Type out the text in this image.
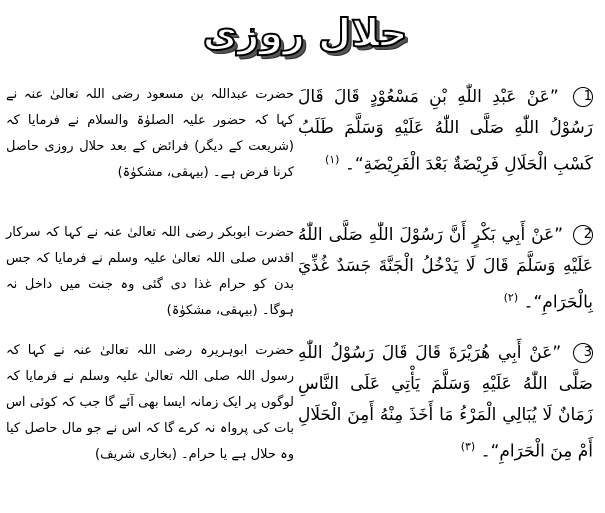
حلال روزی
1 ”عَنْ عَبْدِ اللّٰهِ بْنِ مَسْعُوْدٍ قَالَ قَالَ رَسُوْلُ اللّٰهِ صَلَّى اللّٰهُ عَلَيْهِ وَسَلَّمَ طَلَبُ كَسْبِ الْحَلَالِ فَرِيْضَةٌ بَعْدَ الْفَرِيْضَةِ“۔ $^{(۱)}$
حضرت عبداللہ بن مسعود رضی اللہ تعالیٰ عنہ نے کہا کہ حضور علیہ الصلوٰۃ والسلام نے فرمایا کہ (شریعت کے دیگر) فرائض کے بعد حلال روزی حاصل کرنا فرض ہے۔ (بیہقی، مشکوٰۃ)
2 ”عَنْ أَبِي بَكْرٍ أَنَّ رَسُوْلَ اللّٰهِ صَلَّى اللّٰهُ عَلَيْهِ وَسَلَّمَ قَالَ لَا يَدْخُلُ الْجَنَّةَ جَسَدٌ غُذِّيَ بِالْحَرَامِ“۔ $^{(۲)}$
حضرت ابوبکر رضی اللہ تعالیٰ عنہ نے کہا کہ سرکار اقدس صلی اللہ تعالیٰ علیہ وسلم نے فرمایا کہ جس بدن کو حرام غذا دی گئی وہ جنت میں داخل نہ ہوگا۔ (بیہقی، مشکوٰۃ)
3 ”عَنْ أَبِي هُرَيْرَةَ قَالَ قَالَ رَسُوْلُ اللّٰهِ صَلَّى اللّٰهُ عَلَيْهِ وَسَلَّمَ يَأْتِي عَلَى النَّاسِ زَمَانٌ لَا يُبَالِي الْمَرْءُ مَا أَخَذَ مِنْهُ أَمِنَ الْحَلَالِ أَمْ مِنَ الْحَرَامِ“۔ $^{(۳)}$
حضرت ابوہریرہ رضی اللہ تعالیٰ عنہ نے کہا کہ رسول اللہ صلی اللہ تعالیٰ علیہ وسلم نے فرمایا کہ لوگوں پر ایک زمانہ ایسا بھی آئے گا جب کہ کوئی اس بات کی پرواہ نہ کرے گا کہ اس نے جو مال حاصل کیا وہ حلال ہے یا حرام۔ (بخاری شریف)
